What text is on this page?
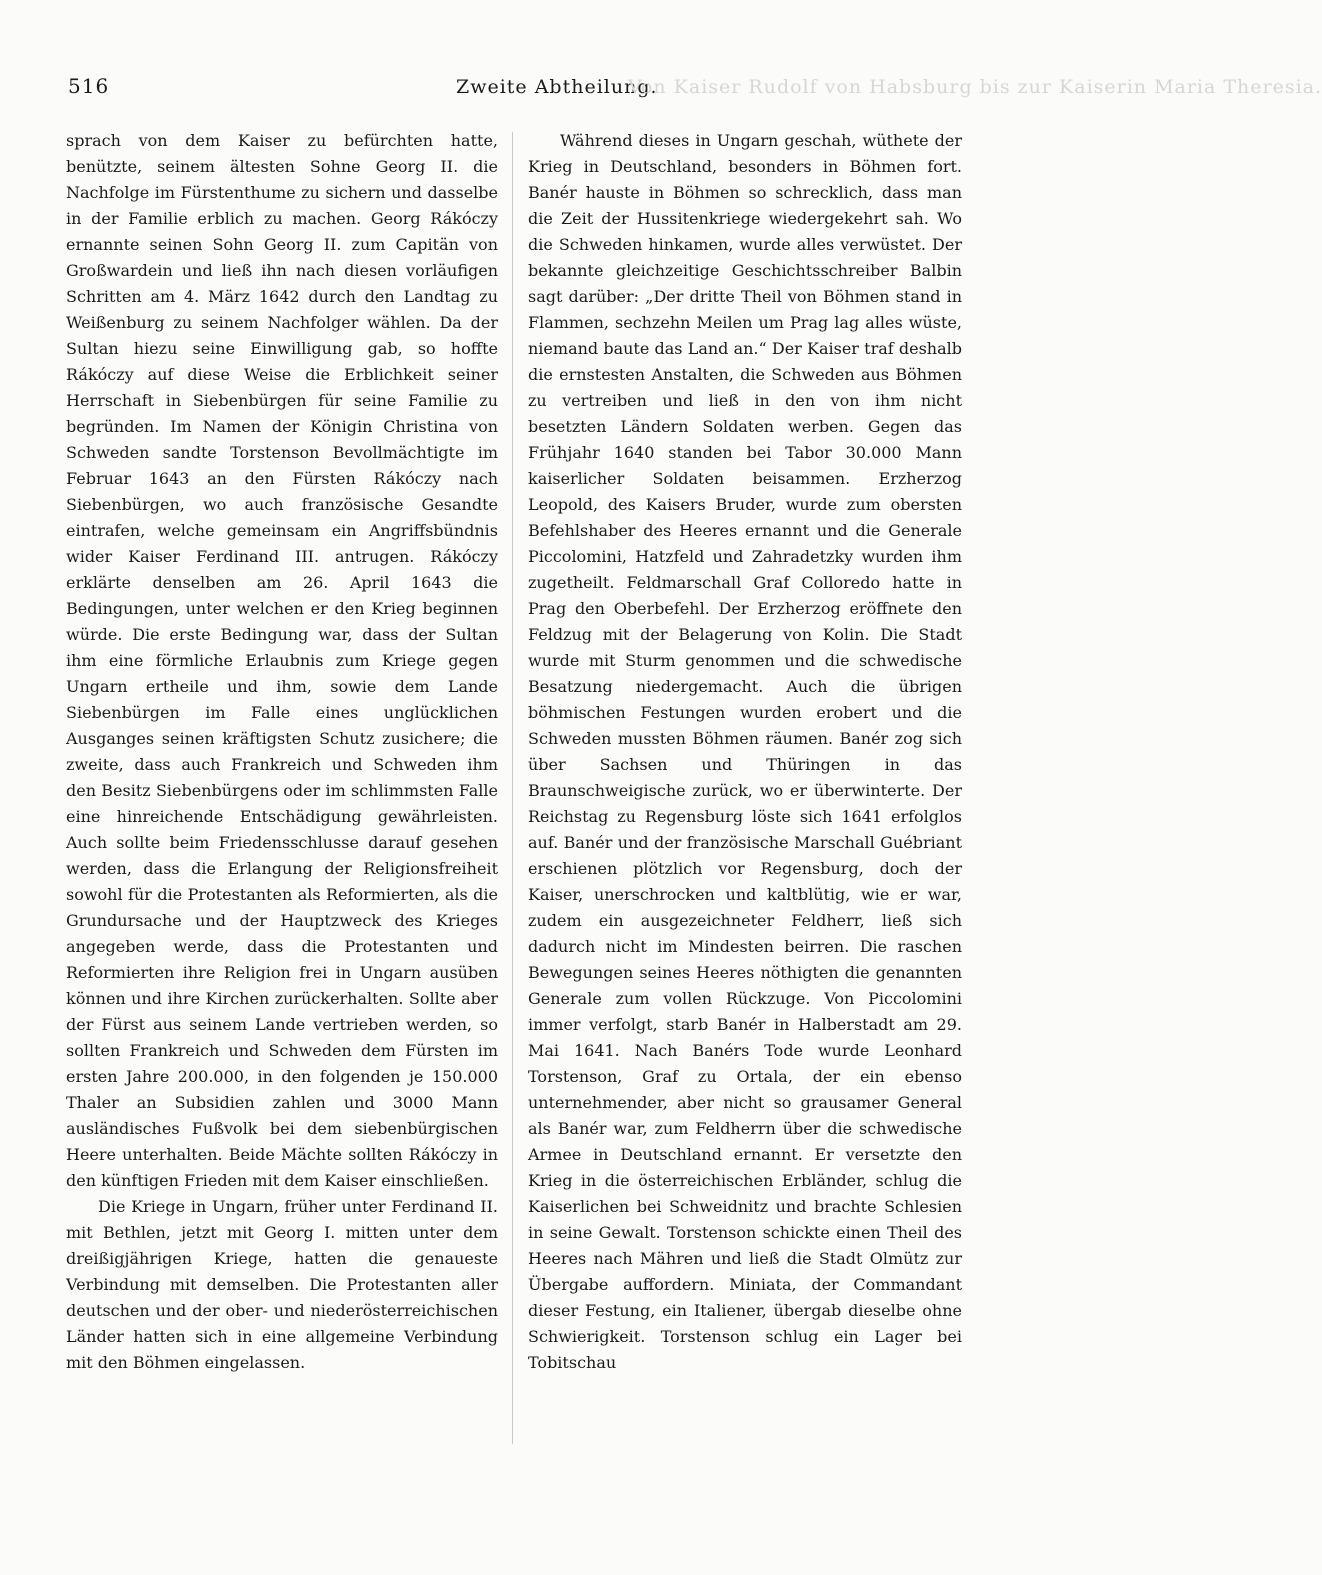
516	Zweite Abtheilung.
Von Kaiser Rudolf von Habsburg bis zur Kaiserin Maria Theresia.

sprach von dem Kaiser zu befürchten hatte, benützte, seinem ältesten Sohne Georg II. die Nachfolge im Fürstenthume zu sichern und dasselbe in der Familie erblich zu machen. Georg Rákóczy ernannte seinen Sohn Georg II. zum Capitän von Großwardein und ließ ihn nach diesen vorläufigen Schritten am 4. März 1642 durch den Landtag zu Weißenburg zu seinem Nachfolger wählen. Da der Sultan hiezu seine Einwilligung gab, so hoffte Rákóczy auf diese Weise die Erblichkeit seiner Herrschaft in Siebenbürgen für seine Familie zu begründen. Im Namen der Königin Christina von Schweden sandte Torstenson Bevollmächtigte im Februar 1643 an den Fürsten Rákóczy nach Siebenbürgen, wo auch französische Gesandte eintrafen, welche gemeinsam ein Angriffsbündnis wider Kaiser Ferdinand III. antrugen. Rákóczy erklärte denselben am 26. April 1643 die Bedingungen, unter welchen er den Krieg beginnen würde. Die erste Bedingung war, dass der Sultan ihm eine förmliche Erlaubnis zum Kriege gegen Ungarn ertheile und ihm, sowie dem Lande Siebenbürgen im Falle eines unglücklichen Ausganges seinen kräftigsten Schutz zusichere; die zweite, dass auch Frankreich und Schweden ihm den Besitz Siebenbürgens oder im schlimmsten Falle eine hinreichende Entschädigung gewährleisten. Auch sollte beim Friedensschlusse darauf gesehen werden, dass die Erlangung der Religionsfreiheit sowohl für die Protestanten als Reformierten, als die Grundursache und der Hauptzweck des Krieges angegeben werde, dass die Protestanten und Reformierten ihre Religion frei in Ungarn ausüben können und ihre Kirchen zurückerhalten. Sollte aber der Fürst aus seinem Lande vertrieben werden, so sollten Frankreich und Schweden dem Fürsten im ersten Jahre 200.000, in den folgenden je 150.000 Thaler an Subsidien zahlen und 3000 Mann ausländisches Fußvolk bei dem siebenbürgischen Heere unterhalten. Beide Mächte sollten Rákóczy in den künftigen Frieden mit dem Kaiser einschließen.

Die Kriege in Ungarn, früher unter Ferdinand II. mit Bethlen, jetzt mit Georg I. mitten unter dem dreißigjährigen Kriege, hatten die genaueste Verbindung mit demselben. Die Protestanten aller deutschen und der ober- und niederösterreichischen Länder hatten sich in eine allgemeine Verbindung mit den Böhmen eingelassen.

Während dieses in Ungarn geschah, wüthete der Krieg in Deutschland, besonders in Böhmen fort. Banér hauste in Böhmen so schrecklich, dass man die Zeit der Hussitenkriege wiedergekehrt sah. Wo die Schweden hinkamen, wurde alles verwüstet. Der bekannte gleichzeitige Geschichtsschreiber Balbin sagt darüber: „Der dritte Theil von Böhmen stand in Flammen, sechzehn Meilen um Prag lag alles wüste, niemand baute das Land an.“ Der Kaiser traf deshalb die ernstesten Anstalten, die Schweden aus Böhmen zu vertreiben und ließ in den von ihm nicht besetzten Ländern Soldaten werben. Gegen das Frühjahr 1640 standen bei Tabor 30.000 Mann kaiserlicher Soldaten beisammen. Erzherzog Leopold, des Kaisers Bruder, wurde zum obersten Befehlshaber des Heeres ernannt und die Generale Piccolomini, Hatzfeld und Zahradetzky wurden ihm zugetheilt. Feldmarschall Graf Colloredo hatte in Prag den Oberbefehl. Der Erzherzog eröffnete den Feldzug mit der Belagerung von Kolin. Die Stadt wurde mit Sturm genommen und die schwedische Besatzung niedergemacht. Auch die übrigen böhmischen Festungen wurden erobert und die Schweden mussten Böhmen räumen. Banér zog sich über Sachsen und Thüringen in das Braunschweigische zurück, wo er überwinterte. Der Reichstag zu Regensburg löste sich 1641 erfolglos auf. Banér und der französische Marschall Guébriant erschienen plötzlich vor Regensburg, doch der Kaiser, unerschrocken und kaltblütig, wie er war, zudem ein ausgezeichneter Feldherr, ließ sich dadurch nicht im Mindesten beirren. Die raschen Bewegungen seines Heeres nöthigten die genannten Generale zum vollen Rückzuge. Von Piccolomini immer verfolgt, starb Banér in Halberstadt am 29. Mai 1641. Nach Banérs Tode wurde Leonhard Torstenson, Graf zu Ortala, der ein ebenso unternehmender, aber nicht so grausamer General als Banér war, zum Feldherrn über die schwedische Armee in Deutschland ernannt. Er versetzte den Krieg in die österreichischen Erbländer, schlug die Kaiserlichen bei Schweidnitz und brachte Schlesien in seine Gewalt. Torstenson schickte einen Theil des Heeres nach Mähren und ließ die Stadt Olmütz zur Übergabe auffordern. Miniata, der Commandant dieser Festung, ein Italiener, übergab dieselbe ohne Schwierigkeit. Torstenson schlug ein Lager bei Tobitschau
